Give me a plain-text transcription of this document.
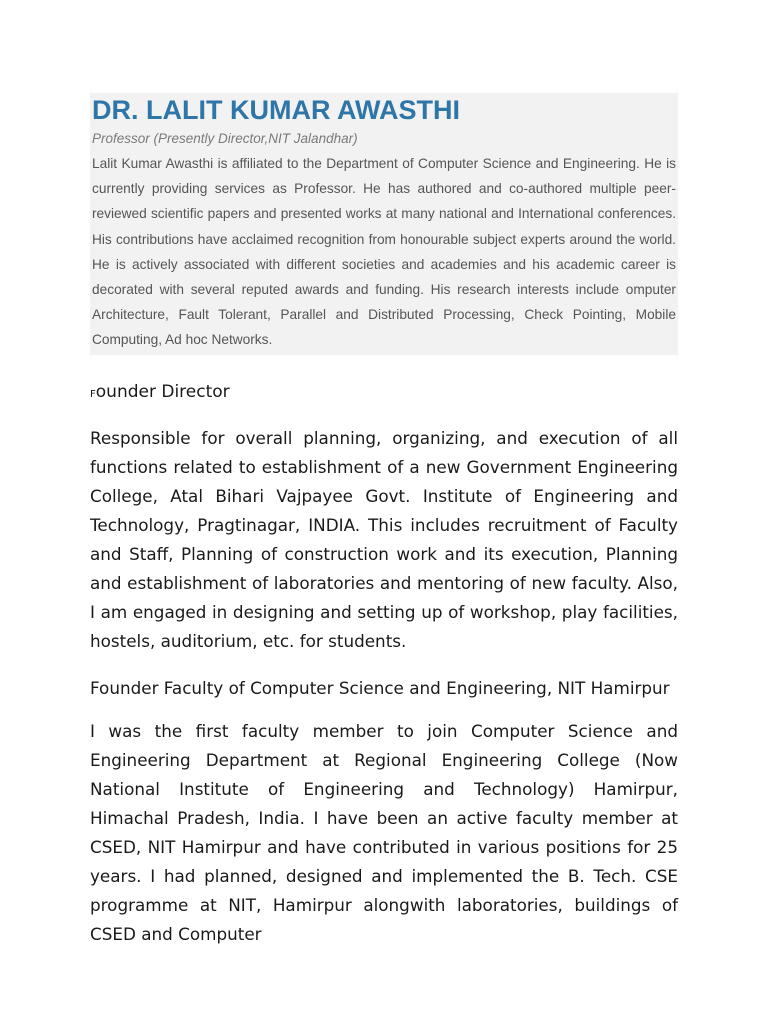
DR. LALIT KUMAR AWASTHI

Professor (Presently Director,NIT Jalandhar)

Lalit Kumar Awasthi is affiliated to the Department of Computer Science and Engineering. He is currently providing services as Professor. He has authored and co-authored multiple peer-reviewed scientific papers and presented works at many national and International conferences. His contributions have acclaimed recognition from honourable subject experts around the world. He is actively associated with different societies and academies and his academic career is decorated with several reputed awards and funding. His research interests include omputer Architecture, Fault Tolerant, Parallel and Distributed Processing, Check Pointing, Mobile Computing, Ad hoc Networks.

Founder Director

Responsible for overall planning, organizing, and execution of all functions related to establishment of a new Government Engineering College, Atal Bihari Vajpayee Govt. Institute of Engineering and Technology, Pragtinagar, INDIA. This includes recruitment of Faculty and Staff, Planning of construction work and its execution, Planning and establishment of laboratories and mentoring of new faculty. Also, I am engaged in designing and setting up of workshop, play facilities, hostels, auditorium, etc. for students.

Founder Faculty of Computer Science and Engineering, NIT Hamirpur

I was the first faculty member to join Computer Science and Engineering Department at Regional Engineering College (Now National Institute of Engineering and Technology) Hamirpur, Himachal Pradesh, India. I have been an active faculty member at CSED, NIT Hamirpur and have contributed in various positions for 25 years. I had planned, designed and implemented the B. Tech. CSE programme at NIT, Hamirpur alongwith laboratories, buildings of CSED and Computer
